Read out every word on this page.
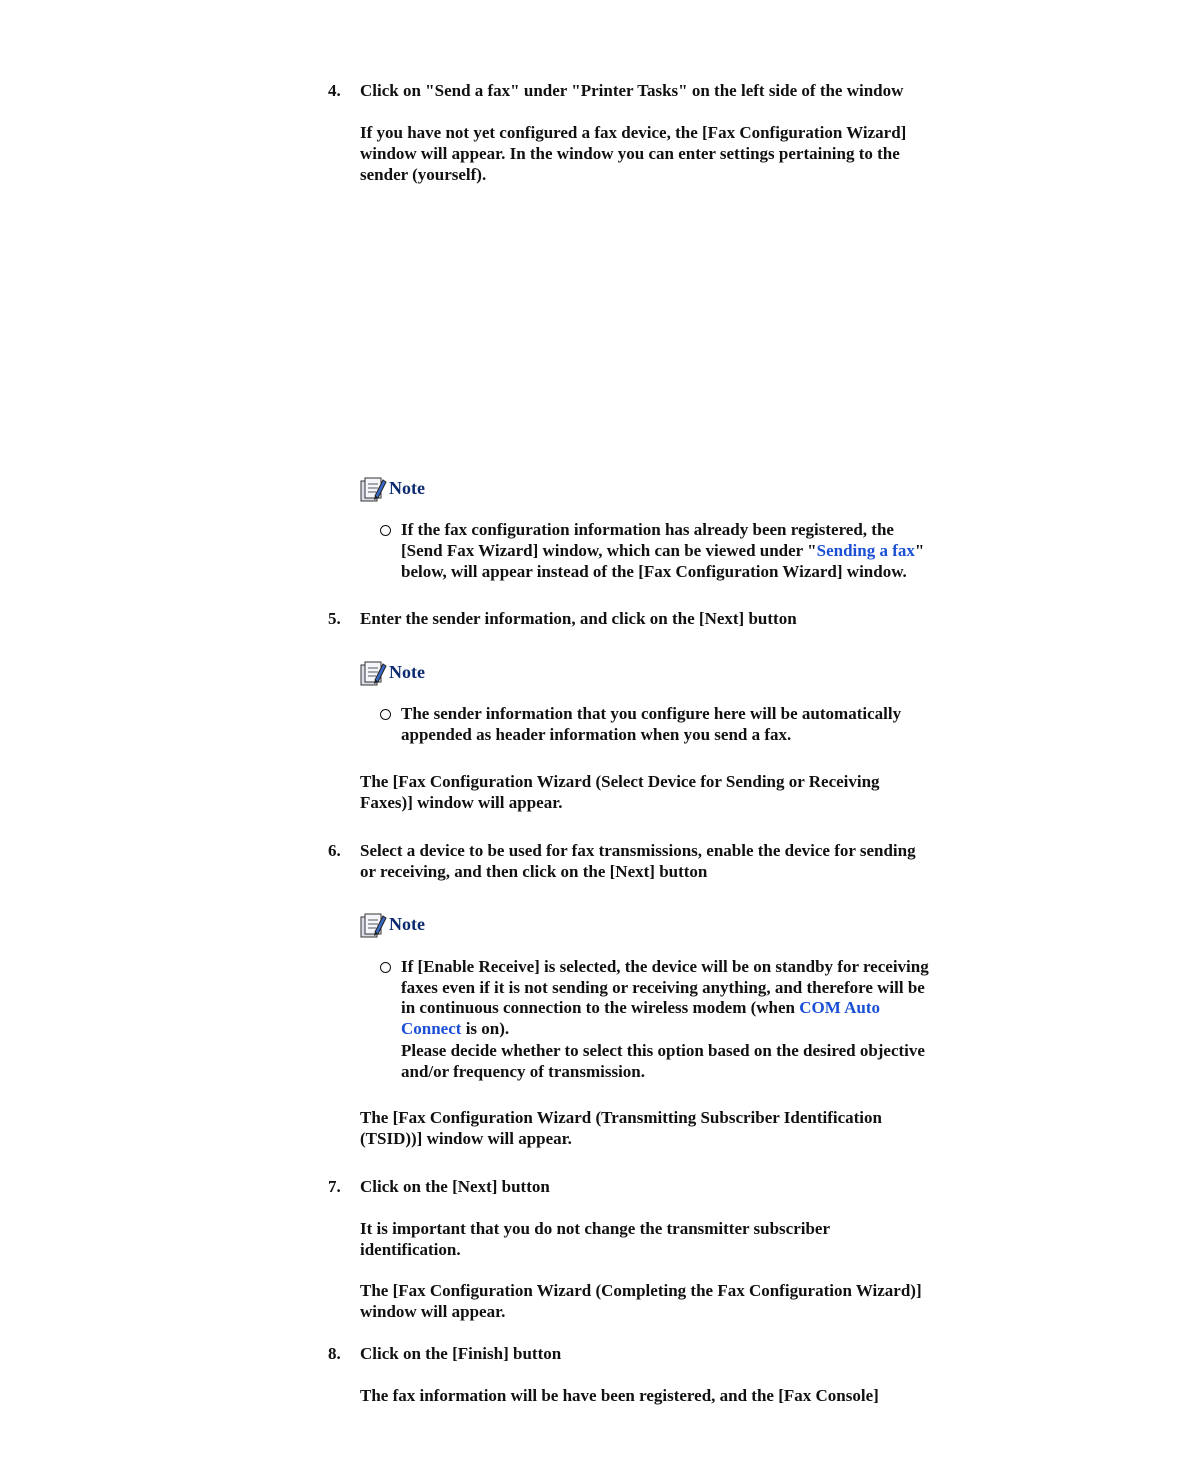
4. Click on "Send a fax" under "Printer Tasks" on the left side of the window
If you have not yet configured a fax device, the [Fax Configuration Wizard]
window will appear. In the window you can enter settings pertaining to the
sender (yourself).
Note
If the fax configuration information has already been registered, the
[Send Fax Wizard] window, which can be viewed under "Sending a fax"
below, will appear instead of the [Fax Configuration Wizard] window.
5. Enter the sender information, and click on the [Next] button
Note
The sender information that you configure here will be automatically
appended as header information when you send a fax.
The [Fax Configuration Wizard (Select Device for Sending or Receiving
Faxes)] window will appear.
6. Select a device to be used for fax transmissions, enable the device for sending
or receiving, and then click on the [Next] button
Note
If [Enable Receive] is selected, the device will be on standby for receiving
faxes even if it is not sending or receiving anything, and therefore will be
in continuous connection to the wireless modem (when COM Auto
Connect is on).
Please decide whether to select this option based on the desired objective
and/or frequency of transmission.
The [Fax Configuration Wizard (Transmitting Subscriber Identification
(TSID))] window will appear.
7. Click on the [Next] button
It is important that you do not change the transmitter subscriber
identification.
The [Fax Configuration Wizard (Completing the Fax Configuration Wizard)]
window will appear.
8. Click on the [Finish] button
The fax information will be have been registered, and the [Fax Console]
